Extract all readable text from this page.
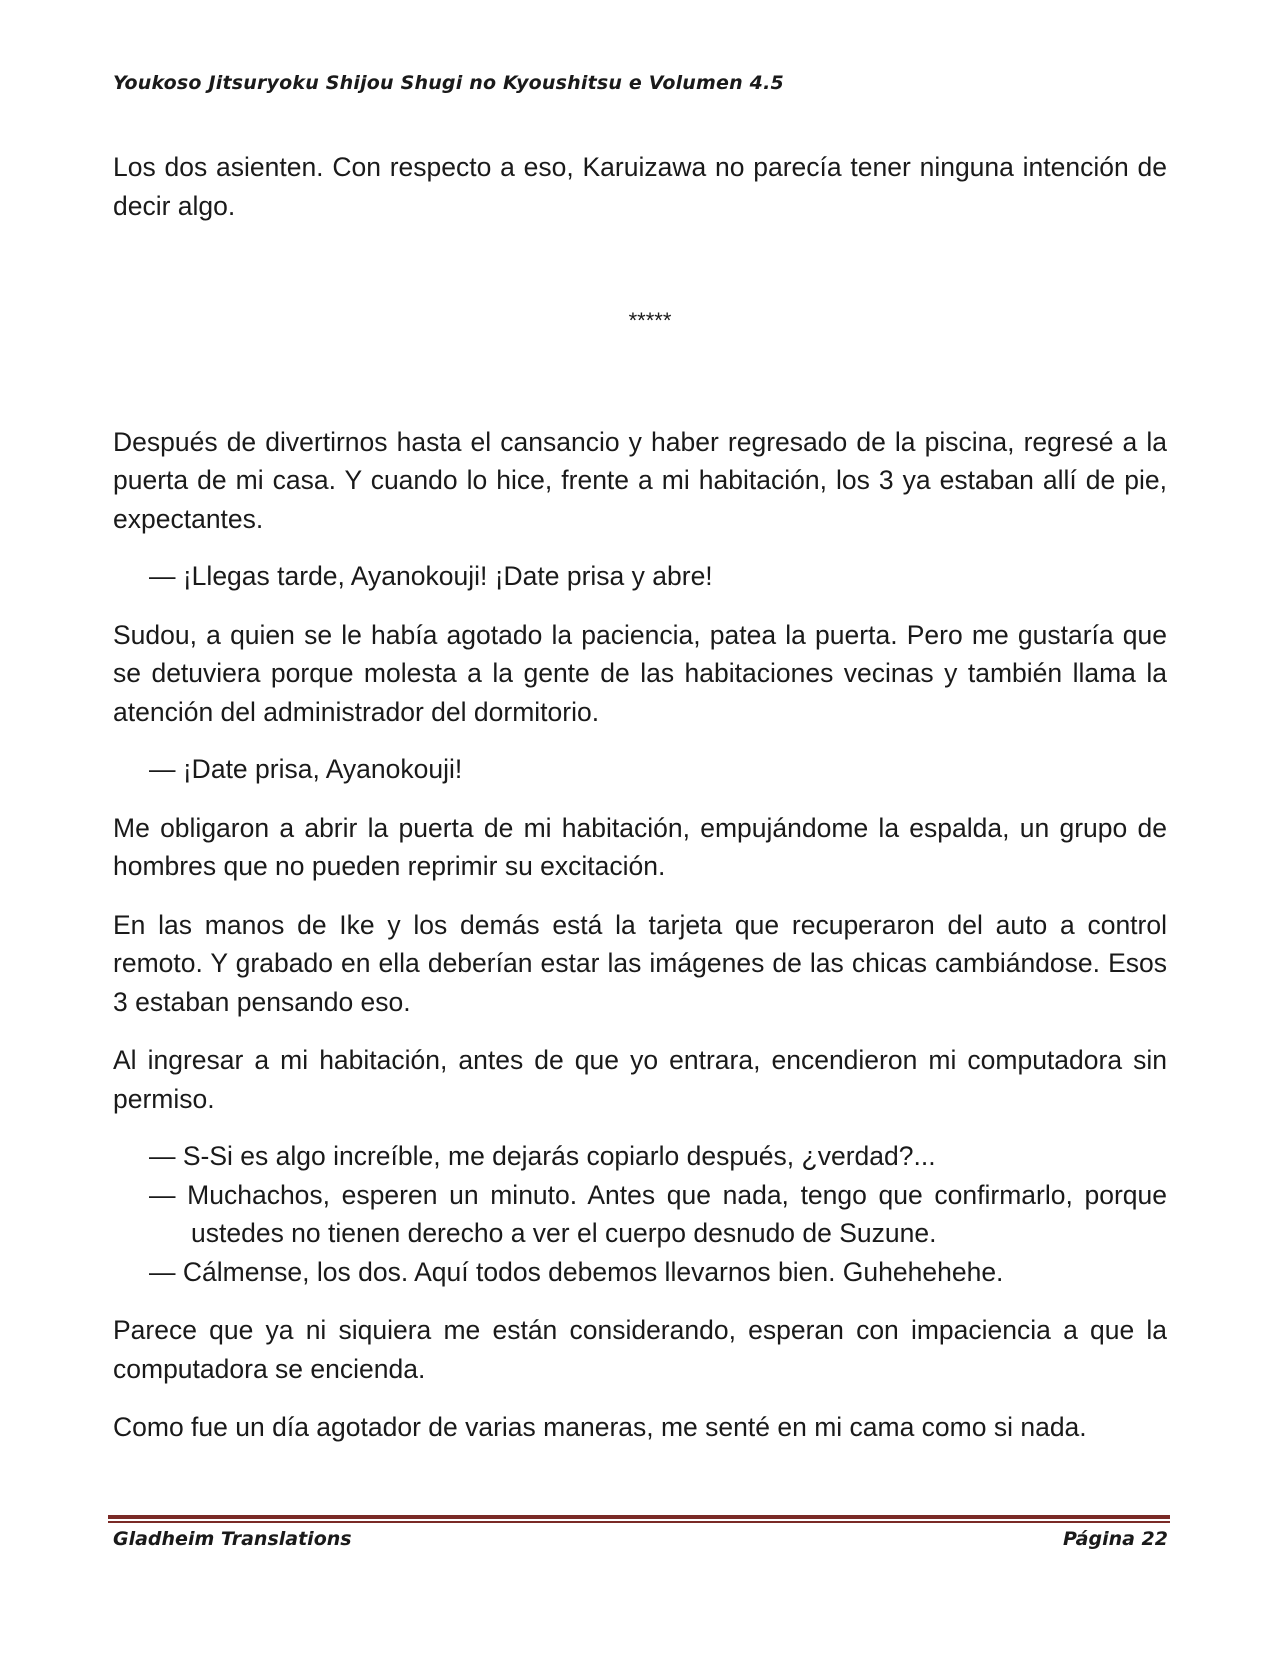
Youkoso Jitsuryoku Shijou Shugi no Kyoushitsu e Volumen 4.5

Los dos asienten. Con respecto a eso, Karuizawa no parecía tener ninguna intención de decir algo.

*****

Después de divertirnos hasta el cansancio y haber regresado de la piscina, regresé a la puerta de mi casa. Y cuando lo hice, frente a mi habitación, los 3 ya estaban allí de pie, expectantes.

— ¡Llegas tarde, Ayanokouji! ¡Date prisa y abre!

Sudou, a quien se le había agotado la paciencia, patea la puerta. Pero me gustaría que se detuviera porque molesta a la gente de las habitaciones vecinas y también llama la atención del administrador del dormitorio.

— ¡Date prisa, Ayanokouji!

Me obligaron a abrir la puerta de mi habitación, empujándome la espalda, un grupo de hombres que no pueden reprimir su excitación.

En las manos de Ike y los demás está la tarjeta que recuperaron del auto a control remoto. Y grabado en ella deberían estar las imágenes de las chicas cambiándose. Esos 3 estaban pensando eso.

Al ingresar a mi habitación, antes de que yo entrara, encendieron mi computadora sin permiso.

— S-Si es algo increíble, me dejarás copiarlo después, ¿verdad?...

— Muchachos, esperen un minuto. Antes que nada, tengo que confirmarlo, porque ustedes no tienen derecho a ver el cuerpo desnudo de Suzune.

— Cálmense, los dos. Aquí todos debemos llevarnos bien. Guhehehehe.

Parece que ya ni siquiera me están considerando, esperan con impaciencia a que la computadora se encienda.

Como fue un día agotador de varias maneras, me senté en mi cama como si nada.

Gladheim Translations	Página 22
